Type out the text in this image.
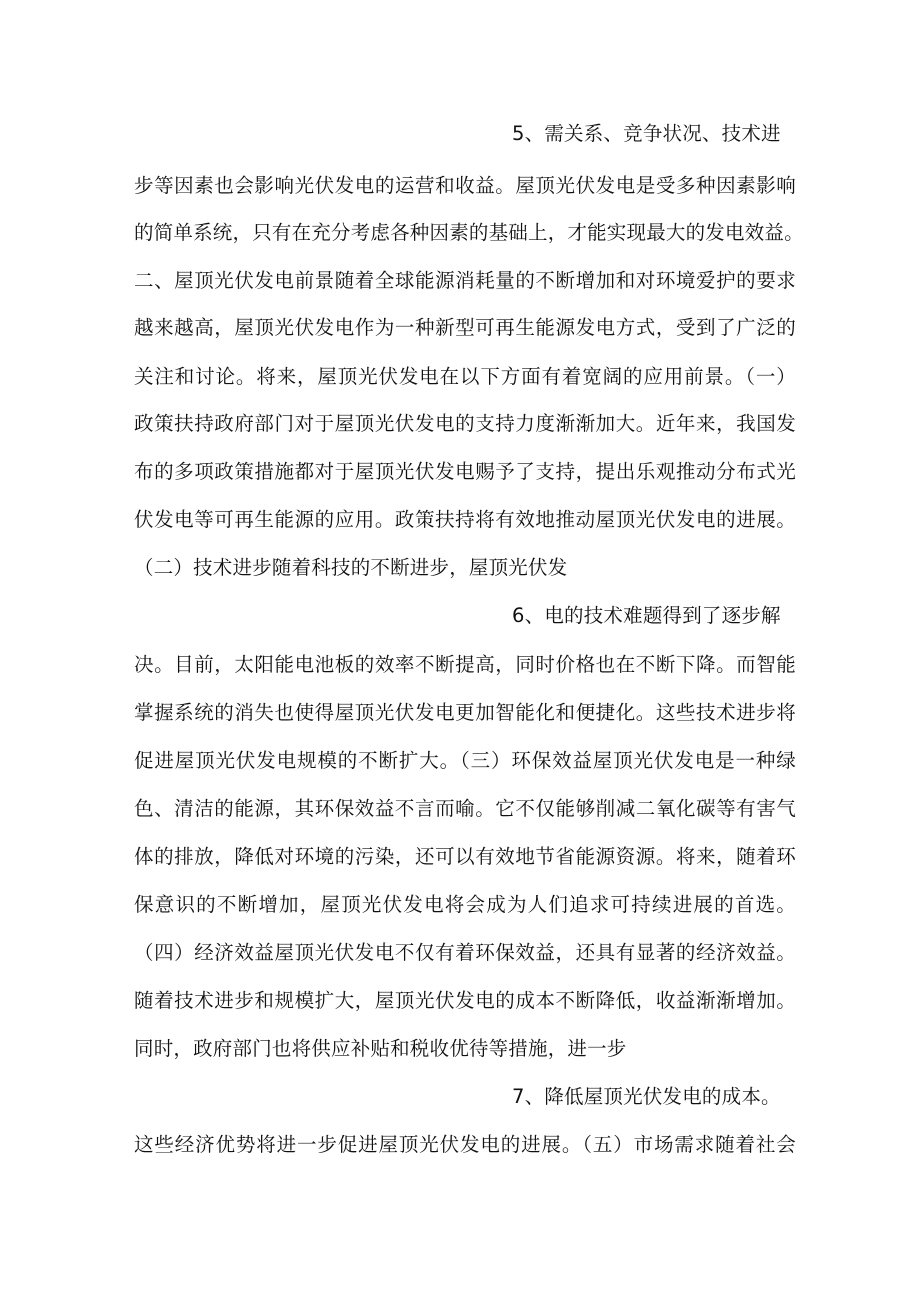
5、需关系、竞争状况、技术进
步等因素也会影响光伏发电的运营和收益。屋顶光伏发电是受多种因素影响
的简单系统，只有在充分考虑各种因素的基础上，才能实现最大的发电效益。
二、屋顶光伏发电前景随着全球能源消耗量的不断增加和对环境爱护的要求
越来越高，屋顶光伏发电作为一种新型可再生能源发电方式，受到了广泛的
关注和讨论。将来，屋顶光伏发电在以下方面有着宽阔的应用前景。（一）
政策扶持政府部门对于屋顶光伏发电的支持力度渐渐加大。近年来，我国发
布的多项政策措施都对于屋顶光伏发电赐予了支持，提出乐观推动分布式光
伏发电等可再生能源的应用。政策扶持将有效地推动屋顶光伏发电的进展。
（二）技术进步随着科技的不断进步，屋顶光伏发
6、电的技术难题得到了逐步解
决。目前，太阳能电池板的效率不断提高，同时价格也在不断下降。而智能
掌握系统的消失也使得屋顶光伏发电更加智能化和便捷化。这些技术进步将
促进屋顶光伏发电规模的不断扩大。（三）环保效益屋顶光伏发电是一种绿
色、清洁的能源，其环保效益不言而喻。它不仅能够削减二氧化碳等有害气
体的排放，降低对环境的污染，还可以有效地节省能源资源。将来，随着环
保意识的不断增加，屋顶光伏发电将会成为人们追求可持续进展的首选。
（四）经济效益屋顶光伏发电不仅有着环保效益，还具有显著的经济效益。
随着技术进步和规模扩大，屋顶光伏发电的成本不断降低，收益渐渐增加。
同时，政府部门也将供应补贴和税收优待等措施，进一步
7、降低屋顶光伏发电的成本。
这些经济优势将进一步促进屋顶光伏发电的进展。（五）市场需求随着社会
